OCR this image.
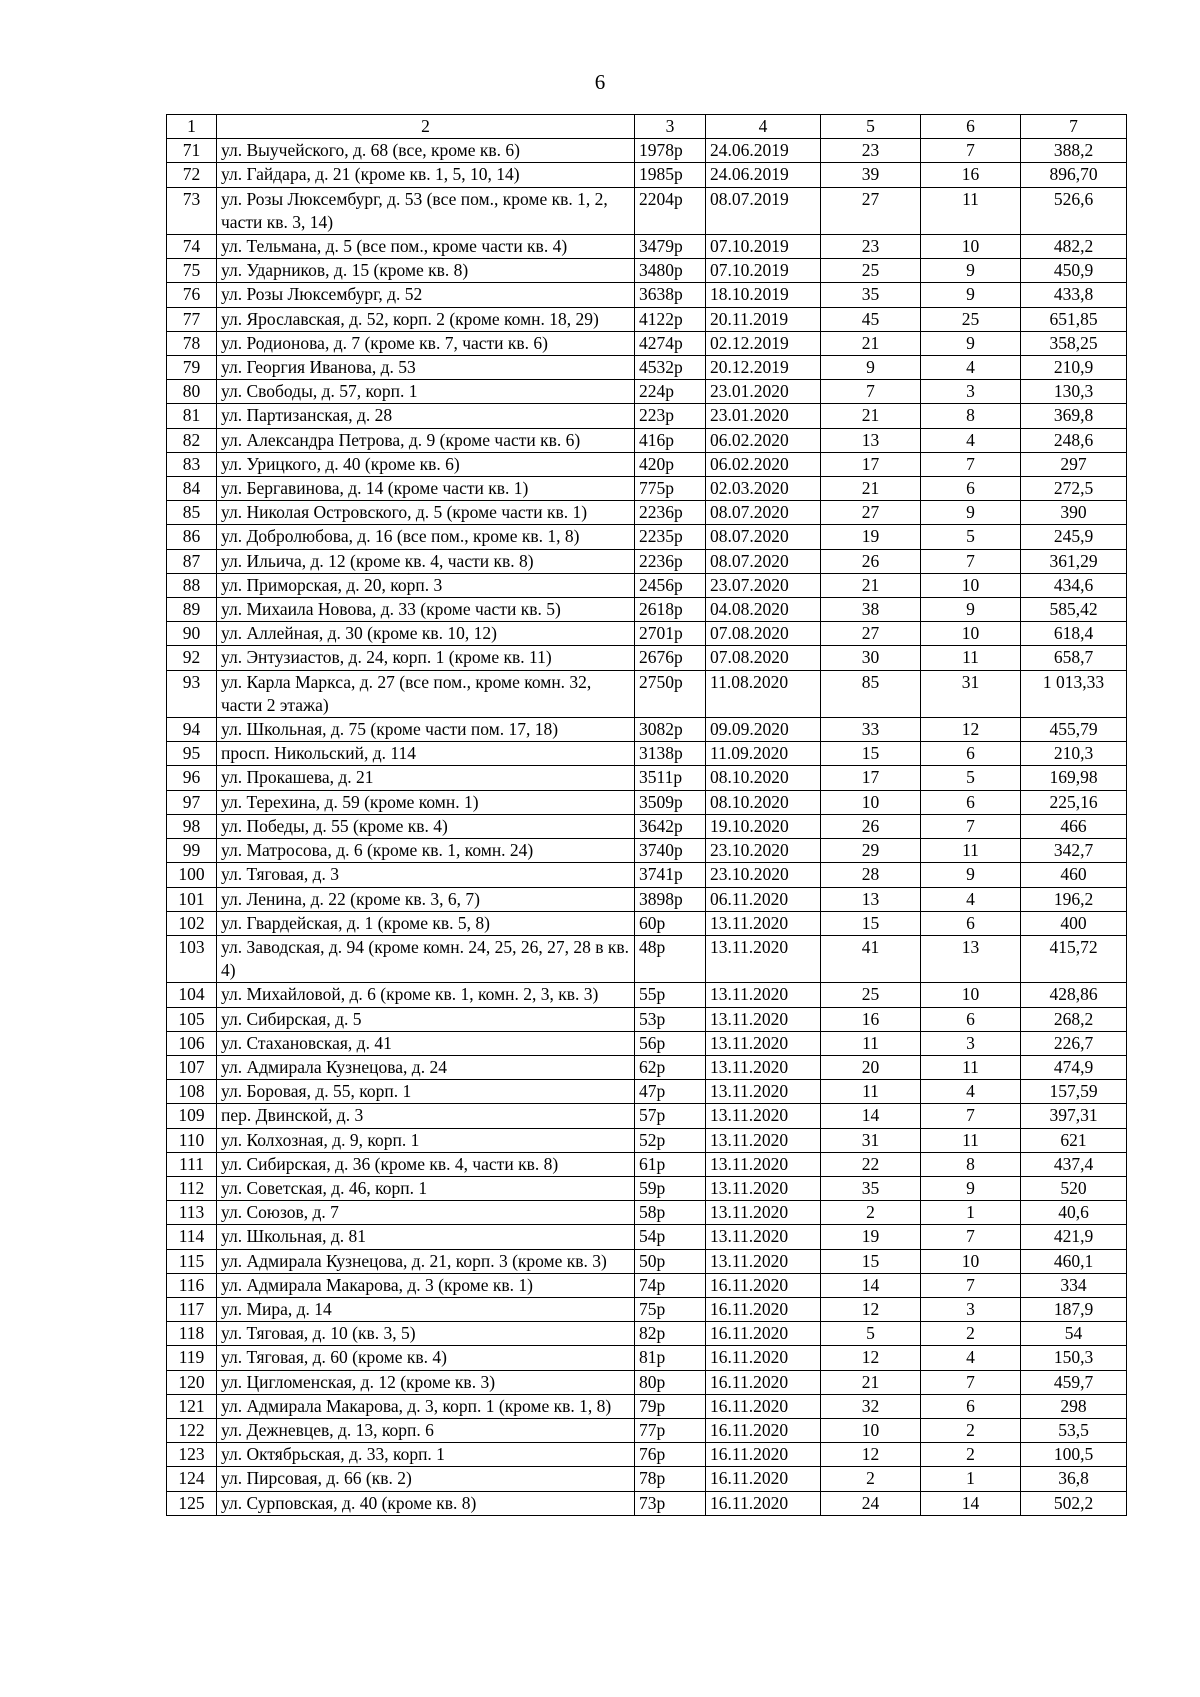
6
1	2	3	4	5	6	7
71	ул. Выучейского, д. 68 (все, кроме кв. 6)	1978р	24.06.2019	23	7	388,2
72	ул. Гайдара, д. 21 (кроме кв. 1, 5, 10, 14)	1985р	24.06.2019	39	16	896,70
73	ул. Розы Люксембург, д. 53 (все пом., кроме кв. 1, 2, части кв. 3, 14)	2204р	08.07.2019	27	11	526,6
74	ул. Тельмана, д. 5 (все пом., кроме части кв. 4)	3479р	07.10.2019	23	10	482,2
75	ул. Ударников, д. 15 (кроме кв. 8)	3480р	07.10.2019	25	9	450,9
76	ул. Розы Люксембург, д. 52	3638р	18.10.2019	35	9	433,8
77	ул. Ярославская, д. 52, корп. 2 (кроме комн. 18, 29)	4122р	20.11.2019	45	25	651,85
78	ул. Родионова, д. 7 (кроме кв. 7, части кв. 6)	4274р	02.12.2019	21	9	358,25
79	ул. Георгия Иванова, д. 53	4532р	20.12.2019	9	4	210,9
80	ул. Свободы, д. 57, корп. 1	224р	23.01.2020	7	3	130,3
81	ул. Партизанская, д. 28	223р	23.01.2020	21	8	369,8
82	ул. Александра Петрова, д. 9 (кроме части кв. 6)	416р	06.02.2020	13	4	248,6
83	ул. Урицкого, д. 40 (кроме кв. 6)	420р	06.02.2020	17	7	297
84	ул. Бергавинова, д. 14 (кроме части кв. 1)	775р	02.03.2020	21	6	272,5
85	ул. Николая Островского, д. 5 (кроме части кв. 1)	2236р	08.07.2020	27	9	390
86	ул. Добролюбова, д. 16 (все пом., кроме кв. 1, 8)	2235р	08.07.2020	19	5	245,9
87	ул. Ильича, д. 12 (кроме кв. 4, части кв. 8)	2236р	08.07.2020	26	7	361,29
88	ул. Приморская, д. 20, корп. 3	2456р	23.07.2020	21	10	434,6
89	ул. Михаила Новова, д. 33 (кроме части кв. 5)	2618р	04.08.2020	38	9	585,42
90	ул. Аллейная, д. 30 (кроме кв. 10, 12)	2701р	07.08.2020	27	10	618,4
92	ул. Энтузиастов, д. 24, корп. 1 (кроме кв. 11)	2676р	07.08.2020	30	11	658,7
93	ул. Карла Маркса, д. 27 (все пом., кроме комн. 32, части 2 этажа)	2750р	11.08.2020	85	31	1 013,33
94	ул. Школьная, д. 75 (кроме части пом. 17, 18)	3082р	09.09.2020	33	12	455,79
95	просп. Никольский, д. 114	3138р	11.09.2020	15	6	210,3
96	ул. Прокашева, д. 21	3511р	08.10.2020	17	5	169,98
97	ул. Терехина, д. 59 (кроме комн. 1)	3509р	08.10.2020	10	6	225,16
98	ул. Победы, д. 55 (кроме кв. 4)	3642р	19.10.2020	26	7	466
99	ул. Матросова, д. 6 (кроме кв. 1, комн. 24)	3740р	23.10.2020	29	11	342,7
100	ул. Тяговая, д. 3	3741р	23.10.2020	28	9	460
101	ул. Ленина, д. 22 (кроме кв. 3, 6, 7)	3898р	06.11.2020	13	4	196,2
102	ул. Гвардейская, д. 1 (кроме кв. 5, 8)	60р	13.11.2020	15	6	400
103	ул. Заводская, д. 94 (кроме комн. 24, 25, 26, 27, 28 в кв. 4)	48р	13.11.2020	41	13	415,72
104	ул. Михайловой, д. 6 (кроме кв. 1, комн. 2, 3, кв. 3)	55р	13.11.2020	25	10	428,86
105	ул. Сибирская, д. 5	53р	13.11.2020	16	6	268,2
106	ул. Стахановская, д. 41	56р	13.11.2020	11	3	226,7
107	ул. Адмирала Кузнецова, д. 24	62р	13.11.2020	20	11	474,9
108	ул. Боровая, д. 55, корп. 1	47р	13.11.2020	11	4	157,59
109	пер. Двинской, д. 3	57р	13.11.2020	14	7	397,31
110	ул. Колхозная, д. 9, корп. 1	52р	13.11.2020	31	11	621
111	ул. Сибирская, д. 36 (кроме кв. 4, части кв. 8)	61р	13.11.2020	22	8	437,4
112	ул. Советская, д. 46, корп. 1	59р	13.11.2020	35	9	520
113	ул. Союзов, д. 7	58р	13.11.2020	2	1	40,6
114	ул. Школьная, д. 81	54р	13.11.2020	19	7	421,9
115	ул. Адмирала Кузнецова, д. 21, корп. 3 (кроме кв. 3)	50р	13.11.2020	15	10	460,1
116	ул. Адмирала Макарова, д. 3 (кроме кв. 1)	74р	16.11.2020	14	7	334
117	ул. Мира, д. 14	75р	16.11.2020	12	3	187,9
118	ул. Тяговая, д. 10 (кв. 3, 5)	82р	16.11.2020	5	2	54
119	ул. Тяговая, д. 60 (кроме кв. 4)	81р	16.11.2020	12	4	150,3
120	ул. Цигломенская, д. 12 (кроме кв. 3)	80р	16.11.2020	21	7	459,7
121	ул. Адмирала Макарова, д. 3, корп. 1 (кроме кв. 1, 8)	79р	16.11.2020	32	6	298
122	ул. Дежневцев, д. 13, корп. 6	77р	16.11.2020	10	2	53,5
123	ул. Октябрьская, д. 33, корп. 1	76р	16.11.2020	12	2	100,5
124	ул. Пирсовая, д. 66 (кв. 2)	78р	16.11.2020	2	1	36,8
125	ул. Сурповская, д. 40 (кроме кв. 8)	73р	16.11.2020	24	14	502,2
